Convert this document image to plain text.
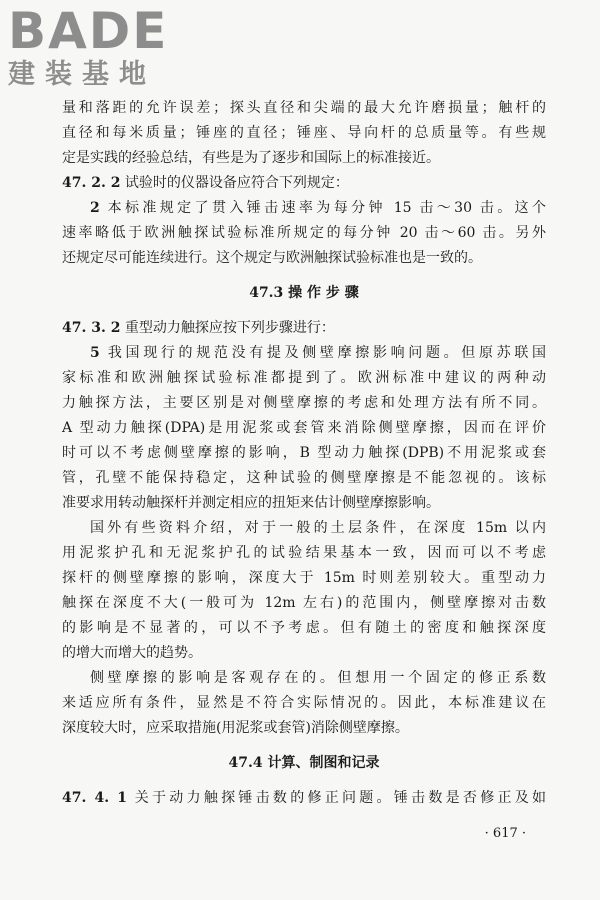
BADE
建装基地
量和落距的允许误差；探头直径和尖端的最大允许磨损量；触杆的
直径和每米质量；锤座的直径；锤座、导向杆的总质量等。有些规
定是实践的经验总结，有些是为了逐步和国际上的标准接近。
47. 2. 2 试验时的仪器设备应符合下列规定：
2 本标准规定了贯入锤击速率为每分钟 15 击～30 击。这个
速率略低于欧洲触探试验标准所规定的每分钟 20 击～60 击。另外
还规定尽可能连续进行。这个规定与欧洲触探试验标准也是一致的。
47.3 操 作 步 骤
47. 3. 2 重型动力触探应按下列步骤进行：
5 我国现行的规范没有提及侧壁摩擦影响问题。但原苏联国
家标准和欧洲触探试验标准都提到了。欧洲标准中建议的两种动
力触探方法，主要区别是对侧壁摩擦的考虑和处理方法有所不同。
A 型动力触探(DPA)是用泥浆或套管来消除侧壁摩擦，因而在评价
时可以不考虑侧壁摩擦的影响，B 型动力触探(DPB)不用泥浆或套
管，孔壁不能保持稳定，这种试验的侧壁摩擦是不能忽视的。该标
准要求用转动触探杆并测定相应的扭矩来估计侧壁摩擦影响。
国外有些资料介绍，对于一般的土层条件，在深度 15m 以内
用泥浆护孔和无泥浆护孔的试验结果基本一致，因而可以不考虑
探杆的侧壁摩擦的影响，深度大于 15m 时则差别较大。重型动力
触探在深度不大(一般可为 12m 左右)的范围内，侧壁摩擦对击数
的影响是不显著的，可以不予考虑。但有随土的密度和触探深度
的增大而增大的趋势。
侧壁摩擦的影响是客观存在的。但想用一个固定的修正系数
来适应所有条件，显然是不符合实际情况的。因此，本标准建议在
深度较大时，应采取措施(用泥浆或套管)消除侧壁摩擦。
47.4 计算、制图和记录
47. 4. 1 关于动力触探锤击数的修正问题。锤击数是否修正及如
· 617 ·
